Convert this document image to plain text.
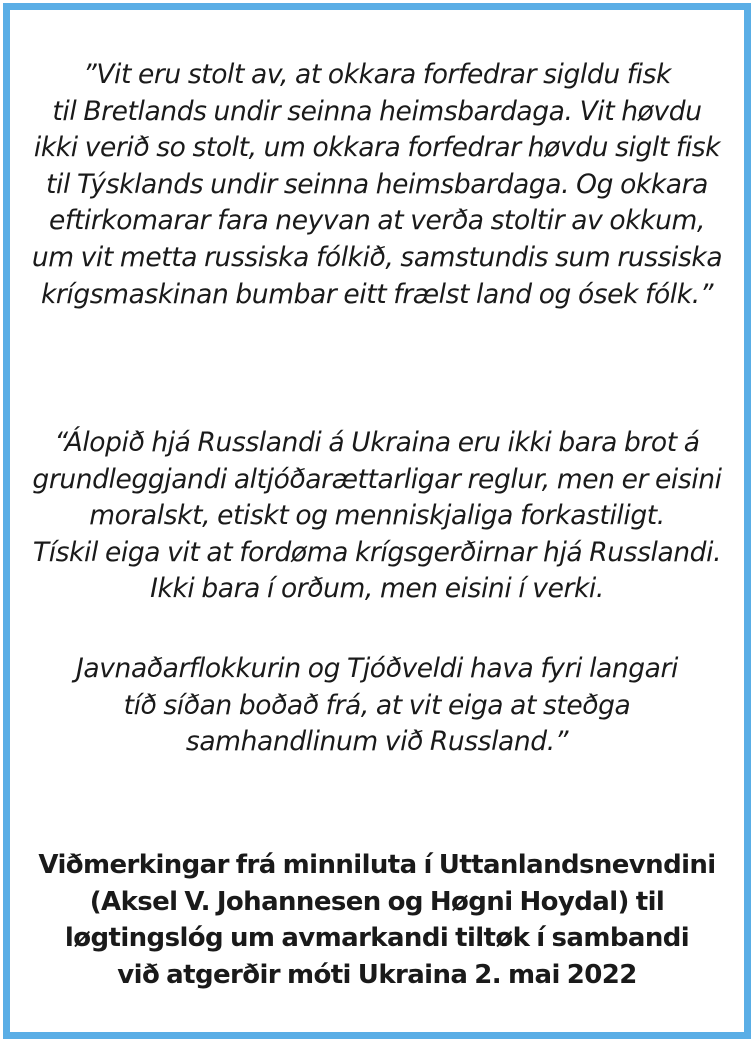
”Vit eru stolt av, at okkara forfedrar sigldu fisk
til Bretlands undir seinna heimsbardaga. Vit høvdu
ikki verið so stolt, um okkara forfedrar høvdu siglt fisk
til Týsklands undir seinna heimsbardaga. Og okkara
eftirkomarar fara neyvan at verða stoltir av okkum,
um vit metta russiska fólkið, samstundis sum russiska
krígsmaskinan bumbar eitt frælst land og ósek fólk.”

“Álopið hjá Russlandi á Ukraina eru ikki bara brot á
grundleggjandi altjóðarættarligar reglur, men er eisini
moralskt, etiskt og menniskjaliga forkastiligt.
Tískil eiga vit at fordøma krígsgerðirnar hjá Russlandi.
Ikki bara í orðum, men eisini í verki.

Javnaðarflokkurin og Tjóðveldi hava fyri langari
tíð síðan boðað frá, at vit eiga at steðga
samhandlinum við Russland.”

Viðmerkingar frá minniluta í Uttanlandsnevndini
(Aksel V. Johannesen og Høgni Hoydal) til
løgtingslóg um avmarkandi tiltøk í sambandi
við atgerðir móti Ukraina 2. mai 2022
